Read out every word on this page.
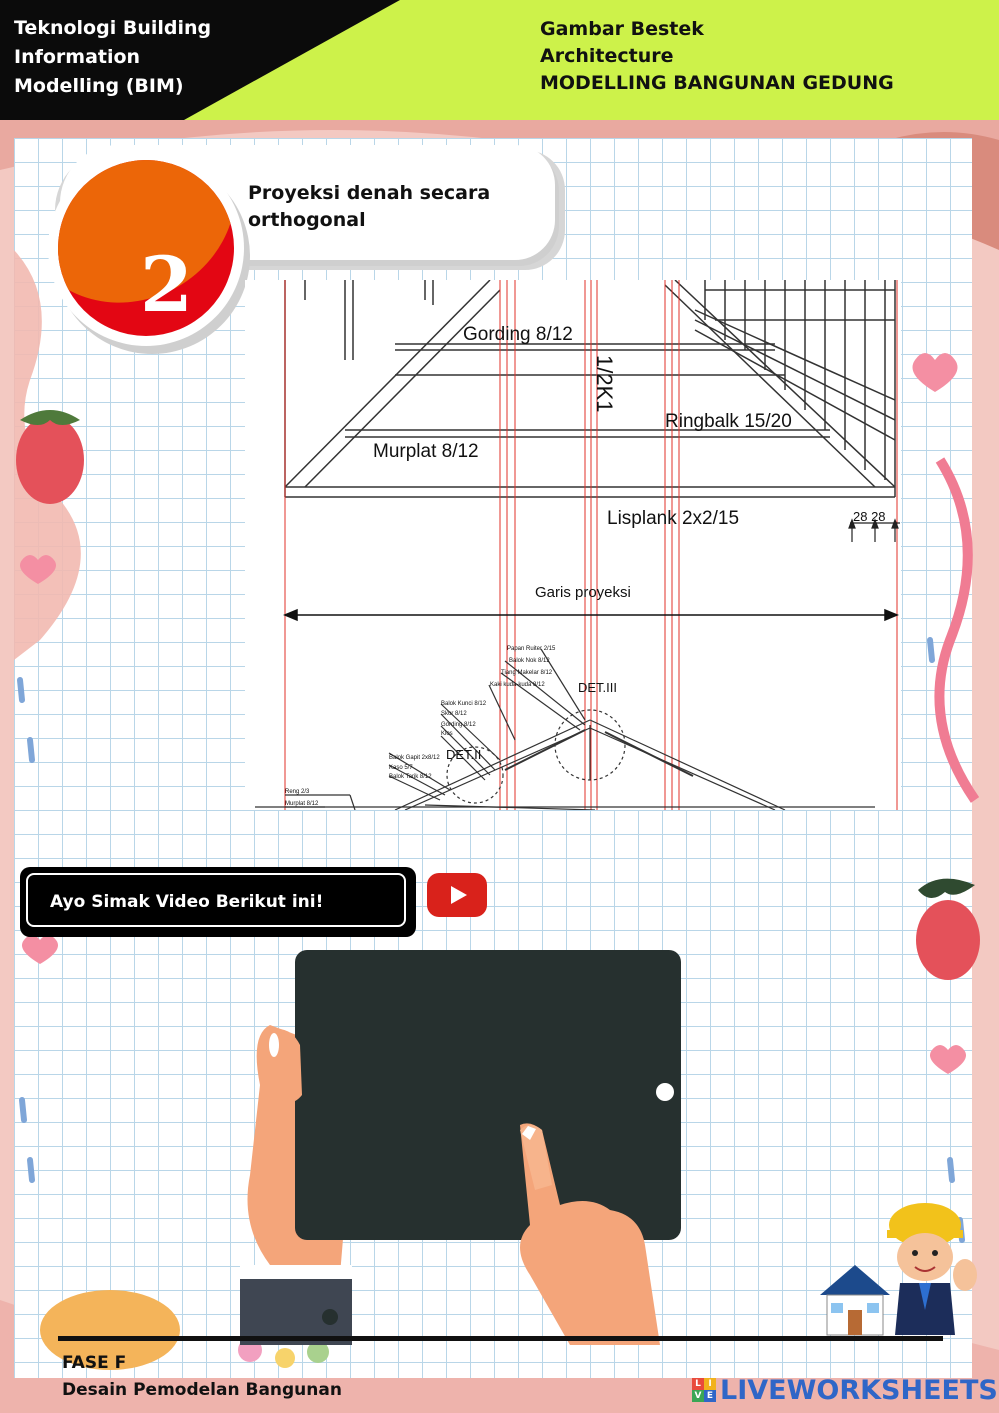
Teknologi Building
Information
Modelling (BIM)
Gambar Bestek
Architecture
MODELLING BANGUNAN GEDUNG
2
Proyeksi denah secara
orthogonal
Gording 8/12
Murplat 8/12
Ringbalk 15/20
Lisplank 2x2/15
1/2K1
28 28
Garis proyeksi
DET.III
DET.II
Papan Ruiter 2/15
Balok Nok 8/12
Tiang Makelar 8/12
Kaki kuda-kuda 8/12
Balok Kunci 8/12
Skor 8/12
Gording 8/12
Klos
Balok Gapit 2x8/12
Kaso 5/7
Balok Tarik 8/12
Reng 2/3
Murplat 8/12
Ayo Simak Video Berikut ini!
FASE F
Desain Pemodelan Bangunan	L I
V E LIVEWORKSHEETS
